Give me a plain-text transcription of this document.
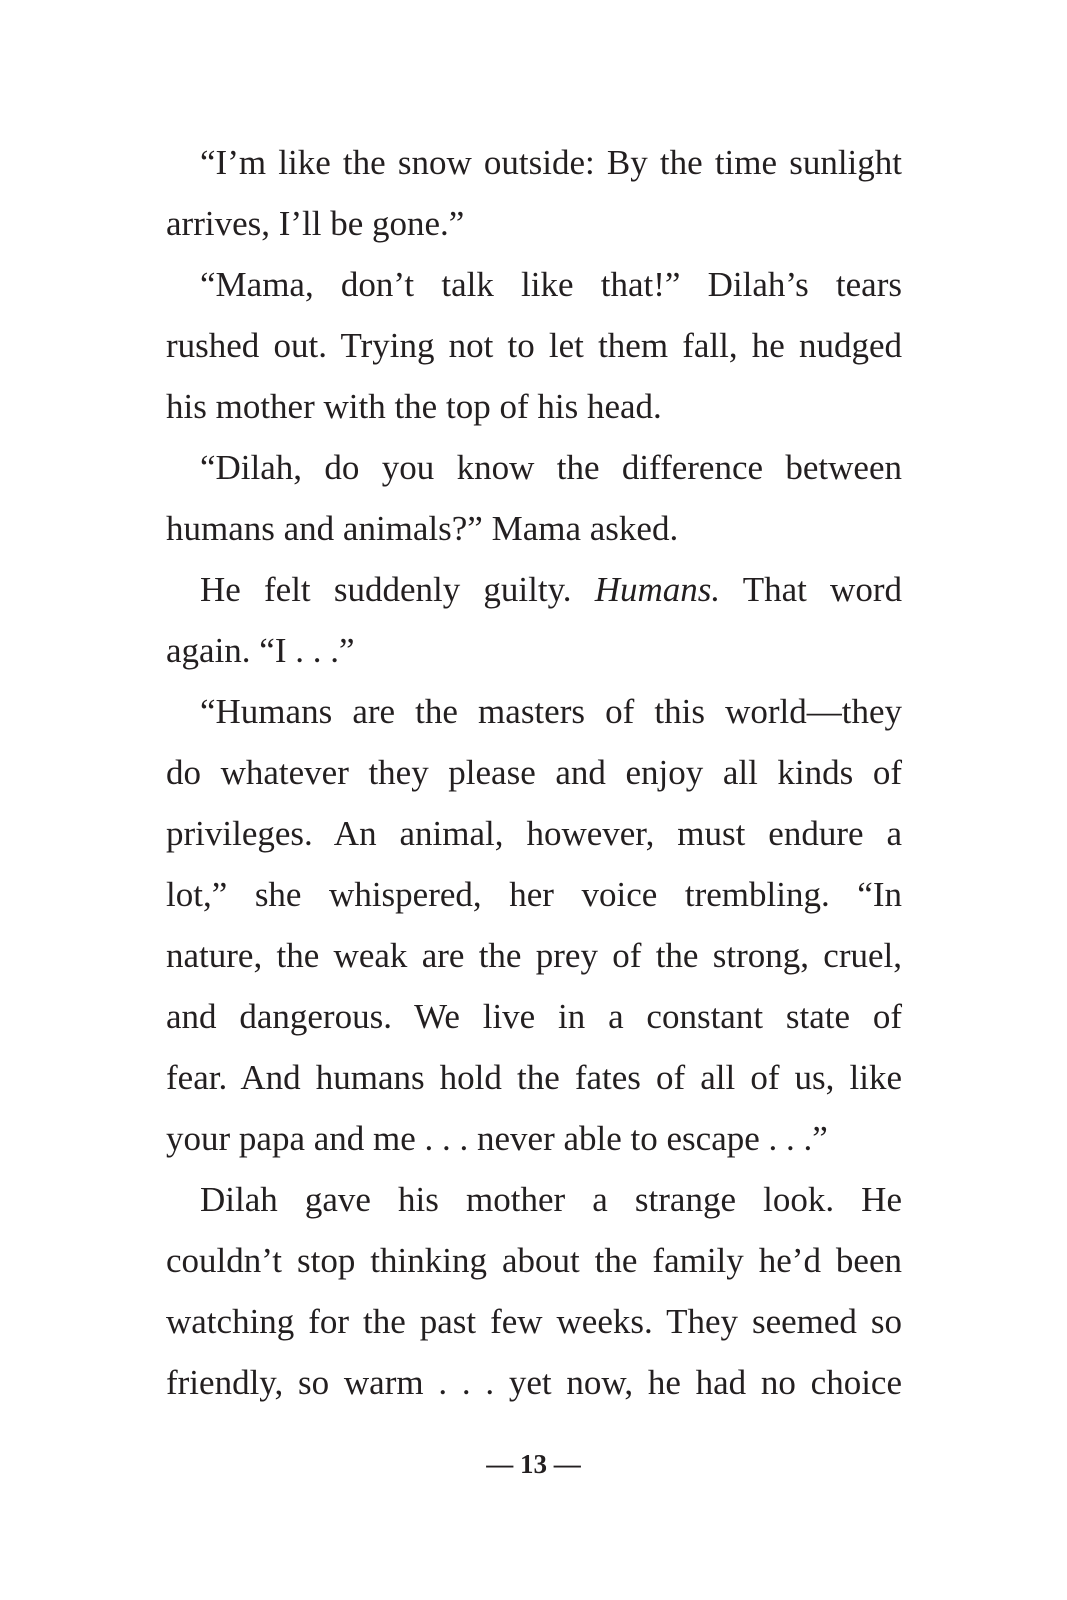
“I’m like the snow outside: By the time sunlight
arrives, I’ll be gone.”
“Mama, don’t talk like that!” Dilah’s tears
rushed out. Trying not to let them fall, he nudged
his mother with the top of his head.
“Dilah, do you know the difference between
humans and animals?” Mama asked.
He felt suddenly guilty. Humans. That word
again. “I . . .”
“Humans are the masters of this world—they
do whatever they please and enjoy all kinds of
privileges. An animal, however, must endure a
lot,” she whispered, her voice trembling. “In
nature, the weak are the prey of the strong, cruel,
and dangerous. We live in a constant state of
fear. And humans hold the fates of all of us, like
your papa and me . . . never able to escape . . .”
Dilah gave his mother a strange look. He
couldn’t stop thinking about the family he’d been
watching for the past few weeks. They seemed so
friendly, so warm . . . yet now, he had no choice
— 13 —
